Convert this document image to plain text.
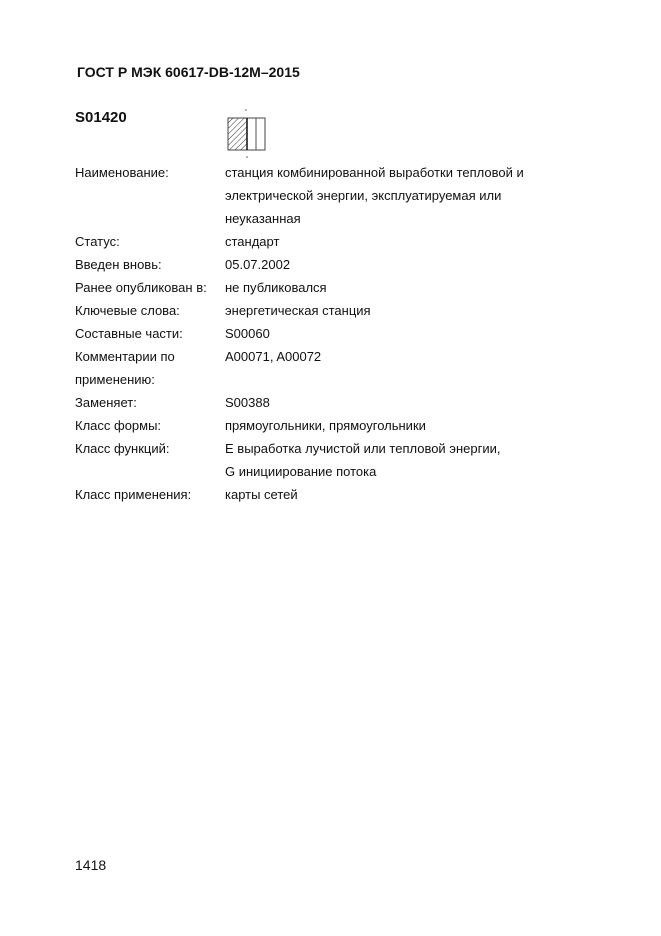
ГОСТ Р МЭК 60617-DB-12M–2015
S01420
Наименование:	станция комбинированной выработки тепловой и
электрической энергии, эксплуатируемая или
неуказанная
Статус:	стандарт
Введен вновь:	05.07.2002
Ранее опубликован в:	не публиковался
Ключевые слова:	энергетическая станция
Составные части:	S00060
Комментарии по
применению:
A00071, A00072
Заменяет:	S00388
Класс формы:	прямоугольники, прямоугольники
Класс функций:	E выработка лучистой или тепловой энергии,
G инициирование потока
Класс применения:	карты сетей
1418
